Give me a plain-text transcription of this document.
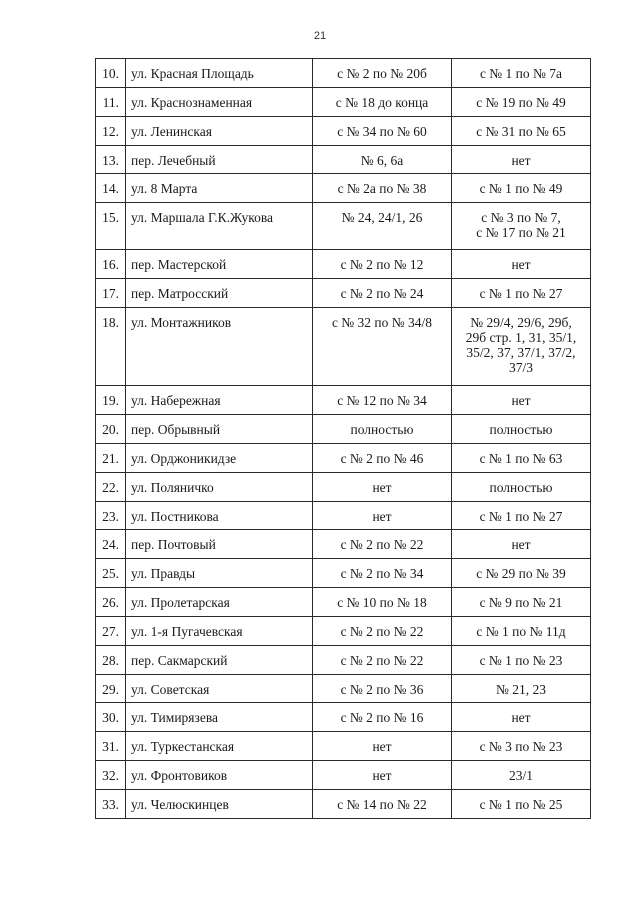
21
10.	ул. Красная Площадь	с № 2 по № 20б	с № 1 по № 7а
11.	ул. Краснознаменная	с № 18 до конца	с № 19 по № 49
12.	ул. Ленинская	с № 34 по № 60	с № 31 по № 65
13.	пер. Лечебный	№ 6, 6а	нет
14.	ул. 8 Марта	с № 2а по № 38	с № 1 по № 49
15.	ул. Маршала Г.К.Жукова	№ 24, 24/1, 26	с № 3 по № 7,
с № 17 по № 21
16.	пер. Мастерской	с № 2 по № 12	нет
17.	пер. Матросский	с № 2 по № 24	с № 1 по № 27
18.	ул. Монтажников	с № 32 по № 34/8	№ 29/4, 29/6, 29б,
29б стр. 1, 31, 35/1,
35/2, 37, 37/1, 37/2,
37/3
19.	ул. Набережная	с № 12 по № 34	нет
20.	пер. Обрывный	полностью	полностью
21.	ул. Орджоникидзе	с № 2 по № 46	с № 1 по № 63
22.	ул. Поляничко	нет	полностью
23.	ул. Постникова	нет	с № 1 по № 27
24.	пер. Почтовый	с № 2 по № 22	нет
25.	ул. Правды	с № 2 по № 34	с № 29 по № 39
26.	ул. Пролетарская	с № 10 по № 18	с № 9 по № 21
27.	ул. 1-я Пугачевская	с № 2 по № 22	с № 1 по № 11д
28.	пер. Сакмарский	с № 2 по № 22	с № 1 по № 23
29.	ул. Советская	с № 2 по № 36	№ 21, 23
30.	ул. Тимирязева	с № 2 по № 16	нет
31.	ул. Туркестанская	нет	с № 3 по № 23
32.	ул. Фронтовиков	нет	23/1
33.	ул. Челюскинцев	с № 14 по № 22	с № 1 по № 25
